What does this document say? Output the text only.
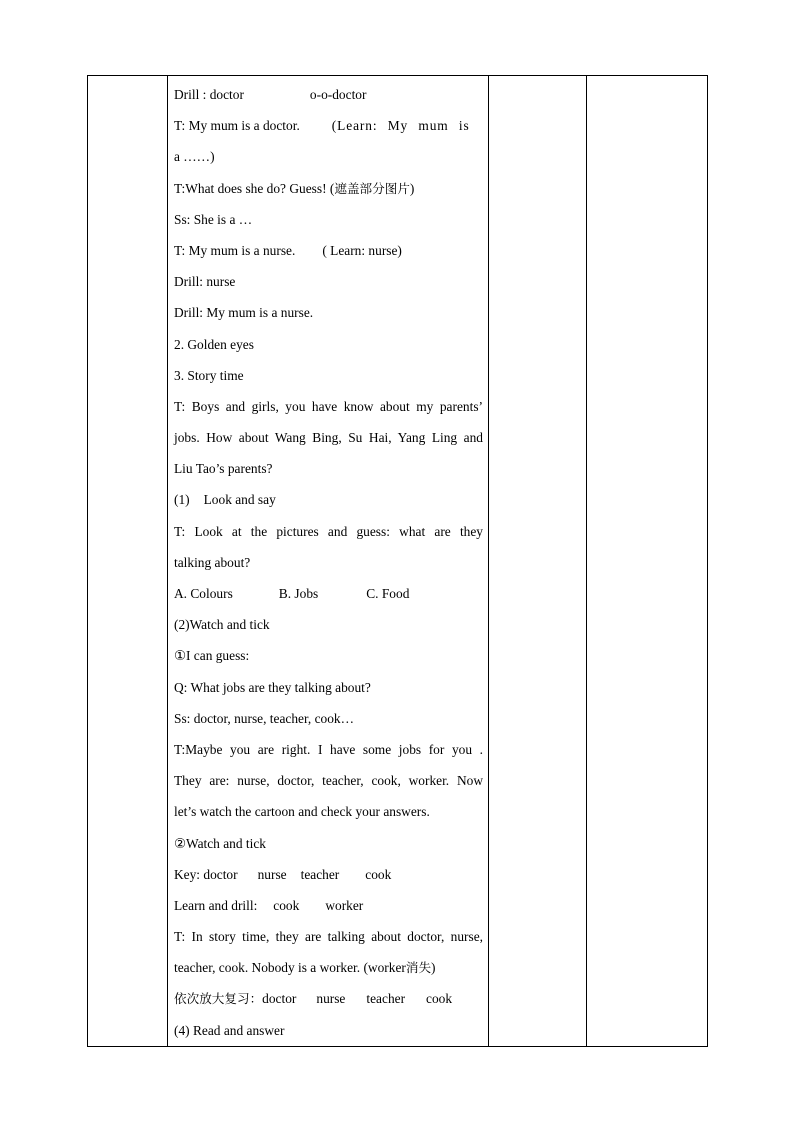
Drill : doctor	o-o-doctor
T: My mum is a doctor. (Learn: My mum is
a ……)
T:What does she do? Guess! (遮盖部分图片)
Ss: She is a …
T: My mum is a nurse. ( Learn: nurse)
Drill: nurse
Drill: My mum is a nurse.
2. Golden eyes
3. Story time
T: Boys and girls, you have know about my parents’
jobs. How about Wang Bing, Su Hai, Yang Ling and
Liu Tao’s parents?
(1) Look and say
T: Look at the pictures and guess: what are they
talking about?
A. Colours	B. Jobs	C. Food
(2)Watch and tick
①I can guess:
Q: What jobs are they talking about?
Ss: doctor, nurse, teacher, cook…
T:Maybe you are right. I have some jobs for you .
They are: nurse, doctor, teacher, cook, worker. Now
let’s watch the cartoon and check your answers.
②Watch and tick
Key: doctor nurse teacher cook
Learn and drill: cook worker
T: In story time, they are talking about doctor, nurse,
teacher, cook. Nobody is a worker. (worker消失)
依次放大复习：doctor nurse teacher cook
(4) Read and answer
